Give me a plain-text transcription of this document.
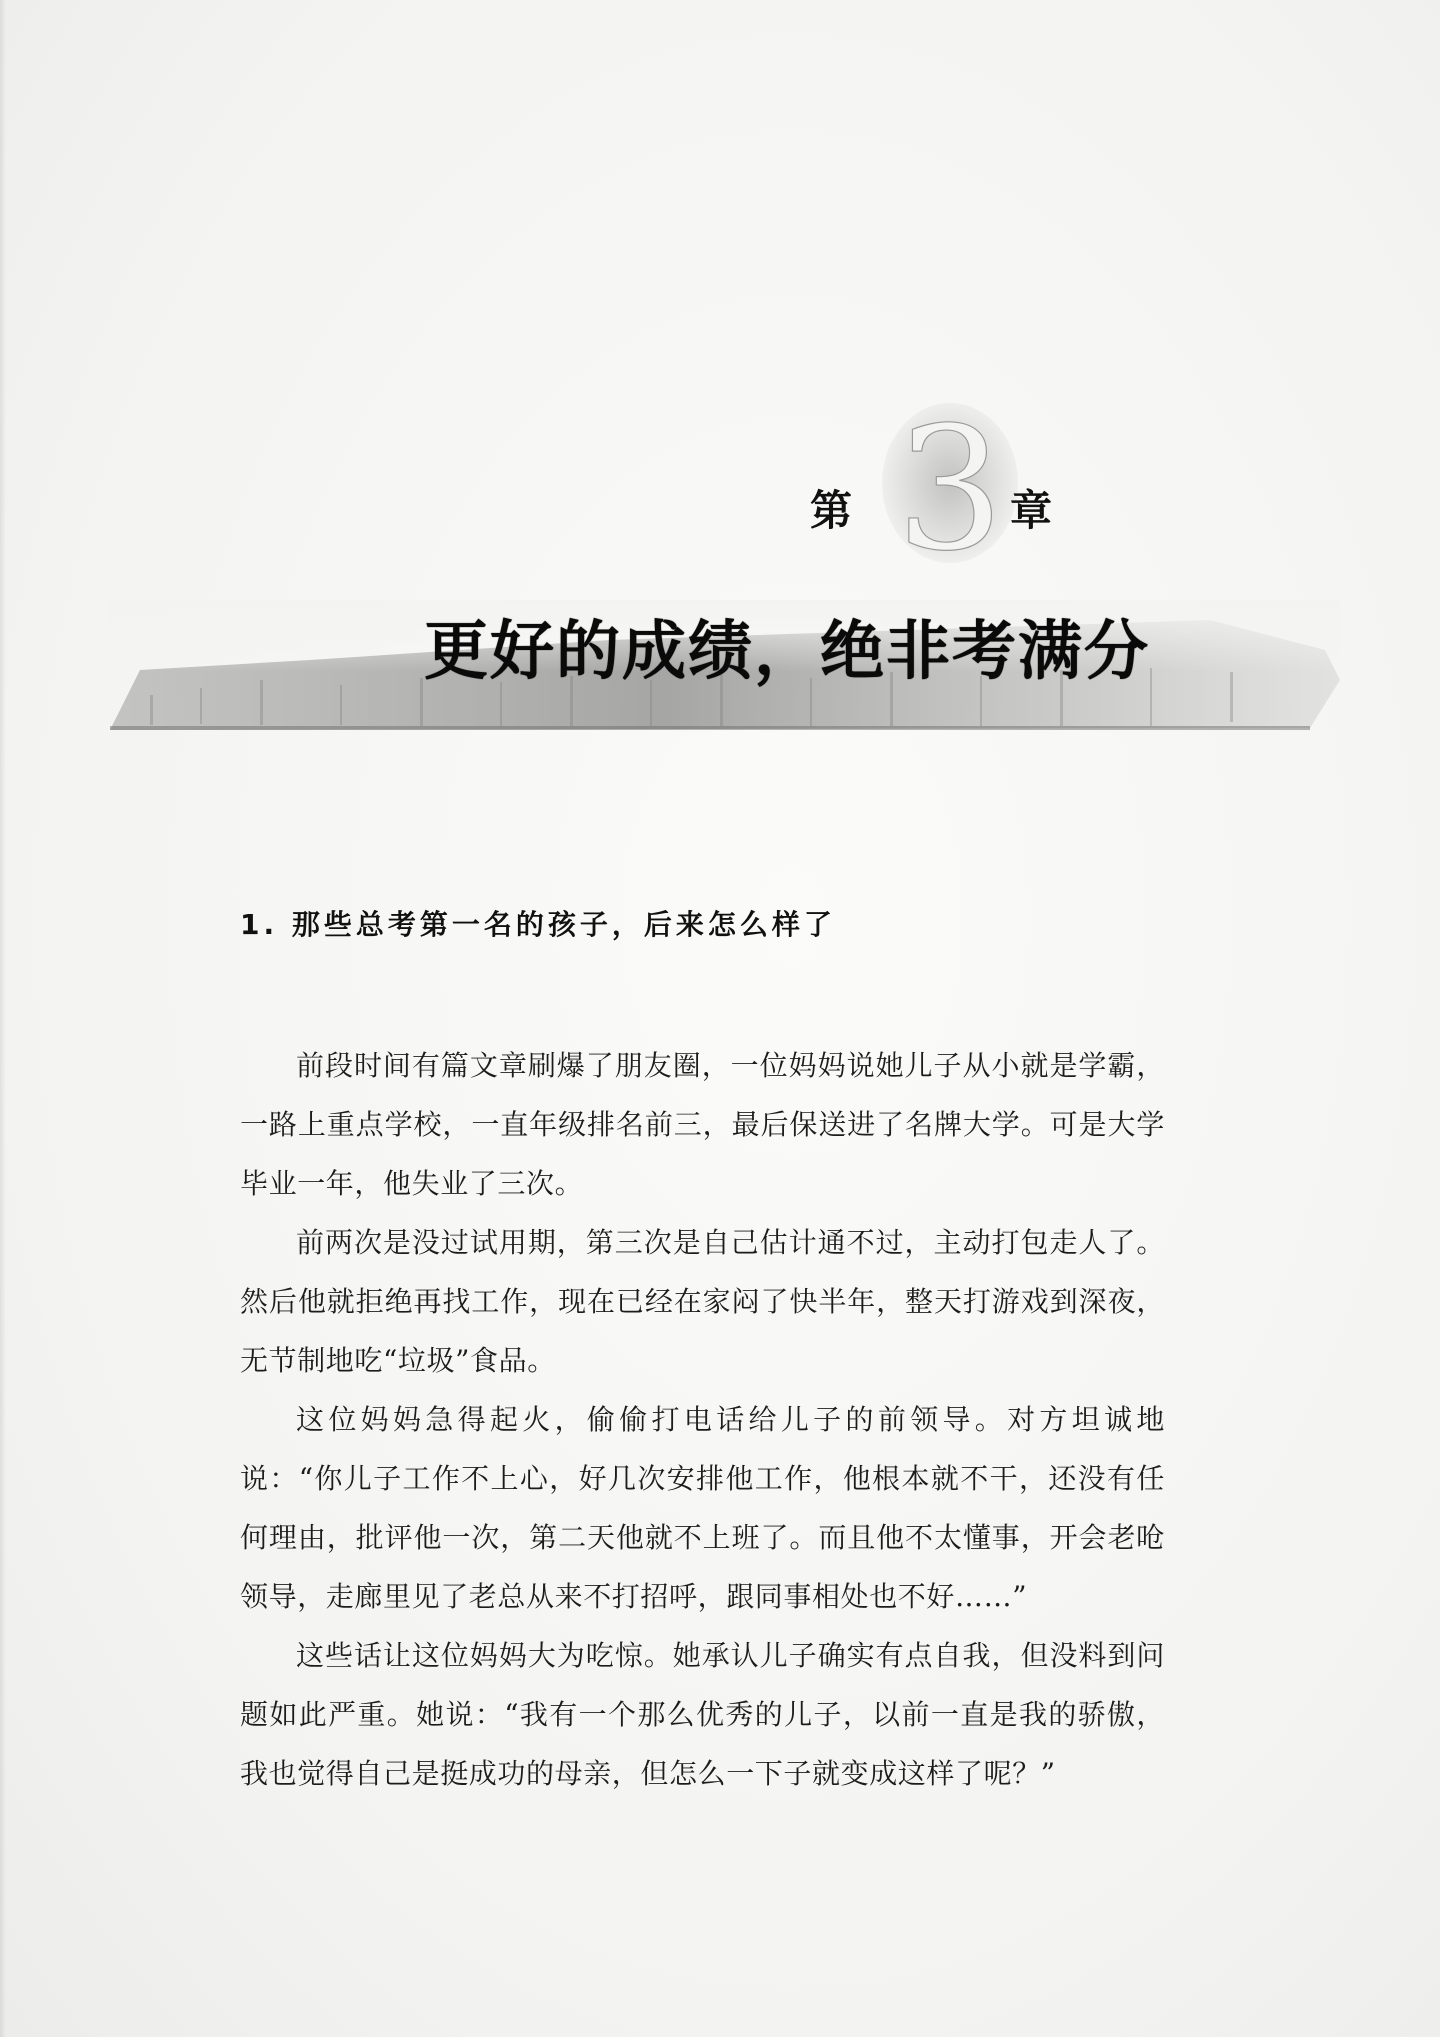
第 3 章
更好的成绩，绝非考满分
1. 那些总考第一名的孩子，后来怎么样了

前段时间有篇文章刷爆了朋友圈，一位妈妈说她儿子从小就是学霸，一路上重点学校，一直年级排名前三，最后保送进了名牌大学。可是大学毕业一年，他失业了三次。

前两次是没过试用期，第三次是自己估计通不过，主动打包走人了。然后他就拒绝再找工作，现在已经在家闷了快半年，整天打游戏到深夜，无节制地吃“垃圾”食品。

这位妈妈急得起火，偷偷打电话给儿子的前领导。对方坦诚地说：“你儿子工作不上心，好几次安排他工作，他根本就不干，还没有任何理由，批评他一次，第二天他就不上班了。而且他不太懂事，开会老呛领导，走廊里见了老总从来不打招呼，跟同事相处也不好……”

这些话让这位妈妈大为吃惊。她承认儿子确实有点自我，但没料到问题如此严重。她说：“我有一个那么优秀的儿子，以前一直是我的骄傲，我也觉得自己是挺成功的母亲，但怎么一下子就变成这样了呢？”
